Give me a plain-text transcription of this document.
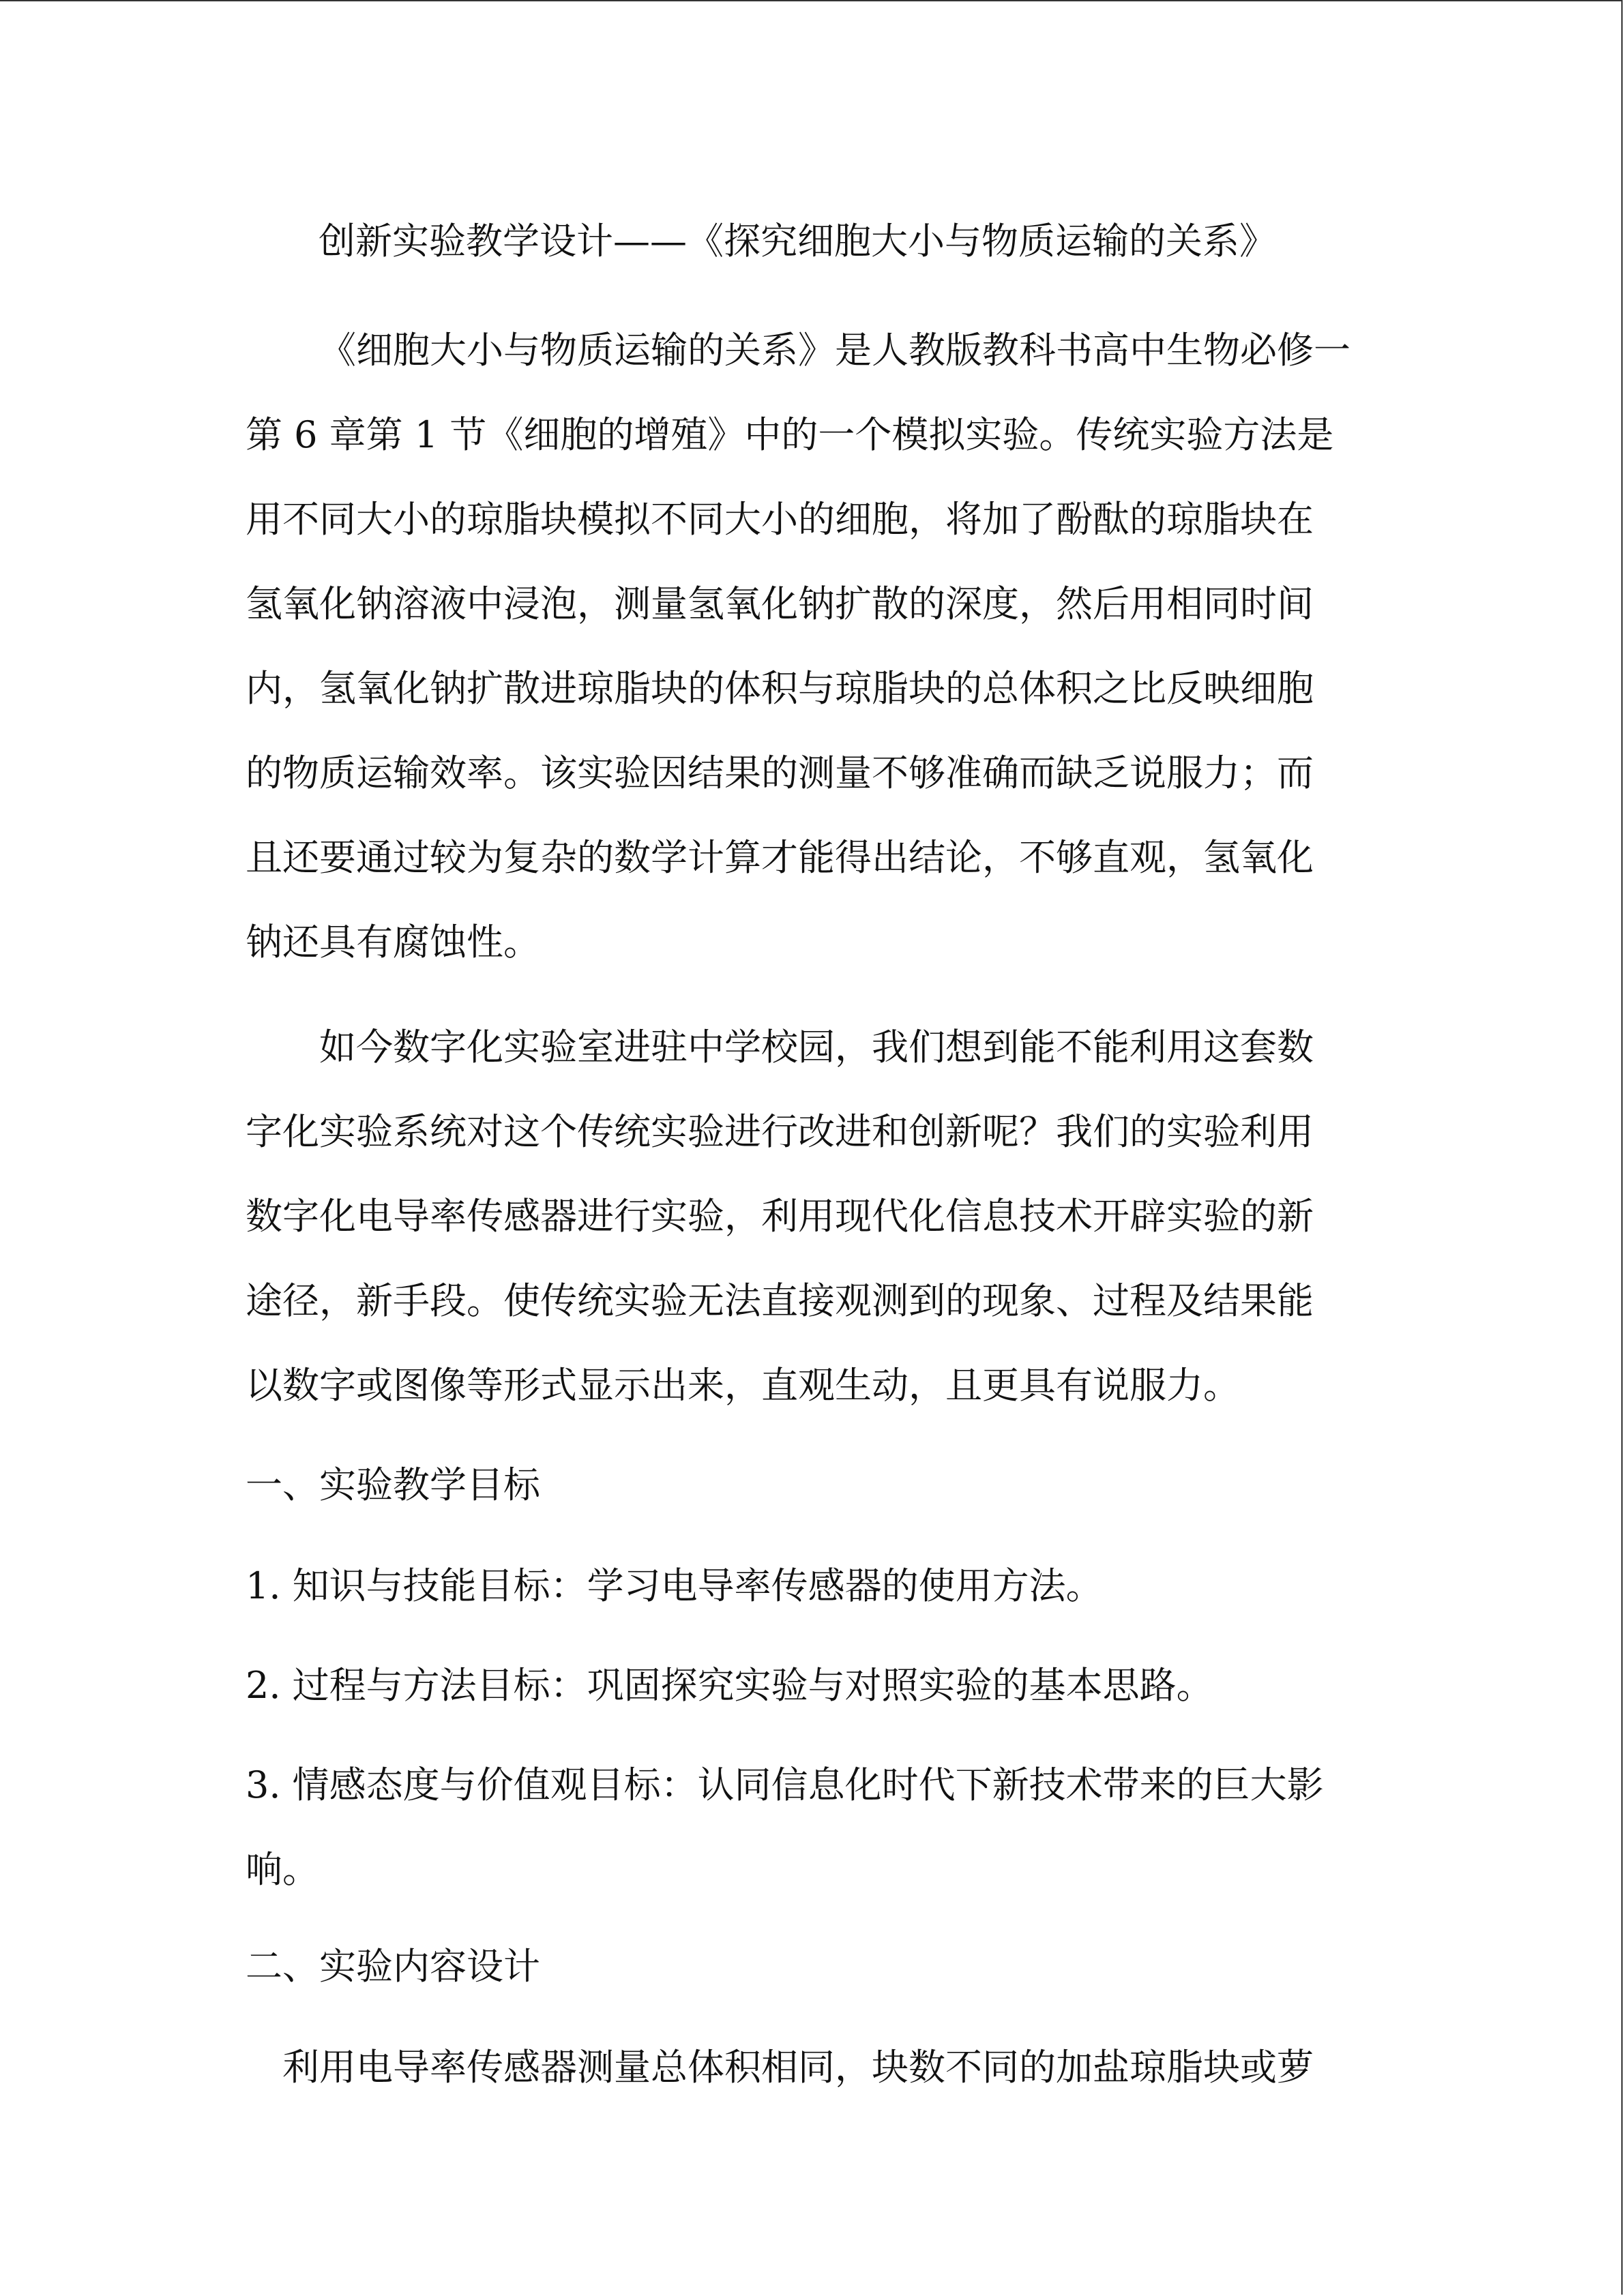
创新实验教学设计——《探究细胞大小与物质运输的关系》
《细胞大小与物质运输的关系》是人教版教科书高中生物必修一
第 6 章第 1 节《细胞的增殖》中的一个模拟实验。传统实验方法是
用不同大小的琼脂块模拟不同大小的细胞，将加了酚酞的琼脂块在
氢氧化钠溶液中浸泡，测量氢氧化钠扩散的深度，然后用相同时间
内，氢氧化钠扩散进琼脂块的体积与琼脂块的总体积之比反映细胞
的物质运输效率。该实验因结果的测量不够准确而缺乏说服力；而
且还要通过较为复杂的数学计算才能得出结论，不够直观，氢氧化
钠还具有腐蚀性。
如今数字化实验室进驻中学校园，我们想到能不能利用这套数
字化实验系统对这个传统实验进行改进和创新呢？我们的实验利用
数字化电导率传感器进行实验，利用现代化信息技术开辟实验的新
途径，新手段。使传统实验无法直接观测到的现象、过程及结果能
以数字或图像等形式显示出来，直观生动，且更具有说服力。
一、实验教学目标
1. 知识与技能目标：学习电导率传感器的使用方法。
2. 过程与方法目标：巩固探究实验与对照实验的基本思路。
3. 情感态度与价值观目标：认同信息化时代下新技术带来的巨大影
响。
二、实验内容设计
利用电导率传感器测量总体积相同，块数不同的加盐琼脂块或萝
